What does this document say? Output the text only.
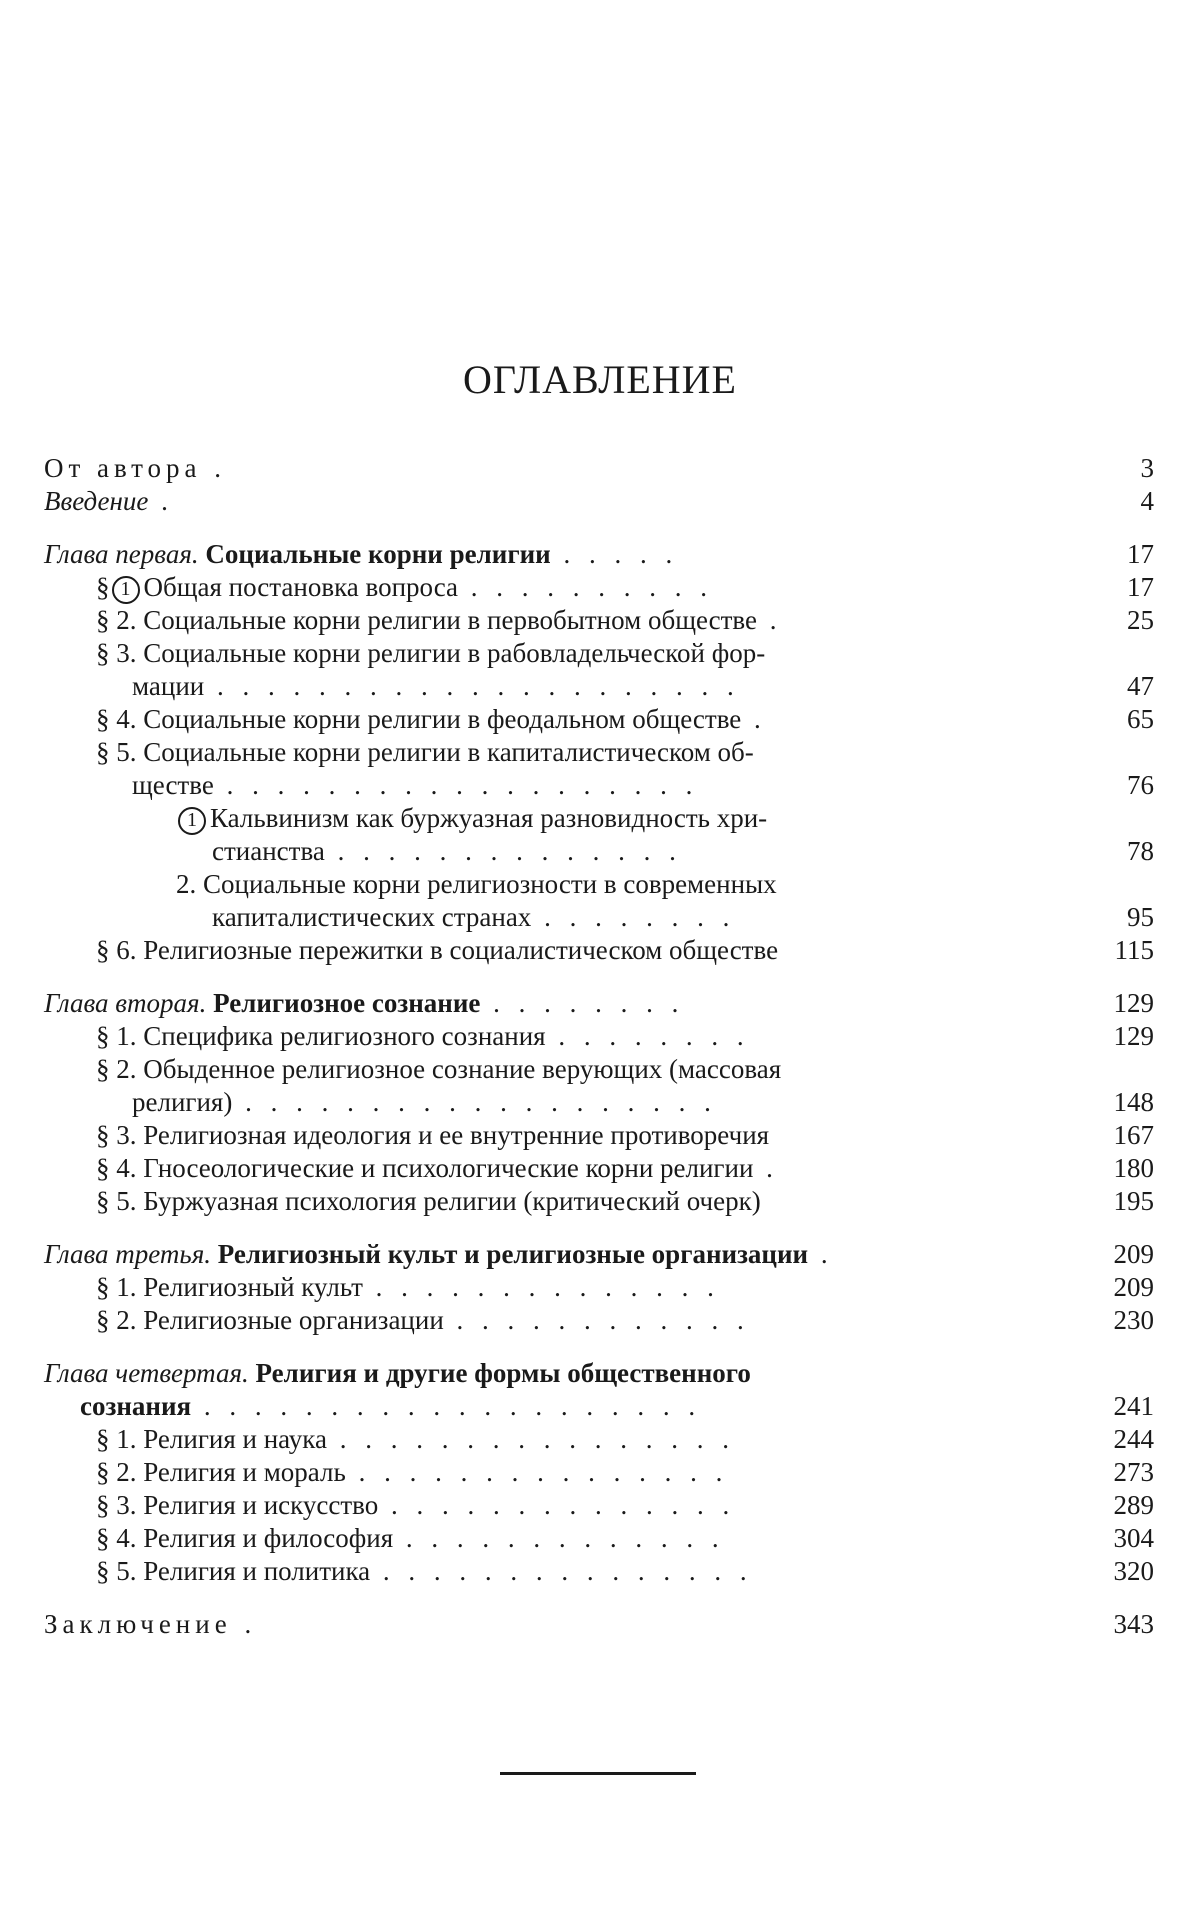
ОГЛАВЛЕНИЕ
От автора .	3
Введение .	4
Глава первая. Социальные корни религии . . . . .	17
§ 1 Общая постановка вопроса . . . . . . . . . .	17
§ 2. Социальные корни религии в первобытном обществе .	25
§ 3. Социальные корни религии в рабовладельческой фор-
мации . . . . . . . . . . . . . . . . . . . . .	47
§ 4. Социальные корни религии в феодальном обществе .	65
§ 5. Социальные корни религии в капиталистическом об-
ществе . . . . . . . . . . . . . . . . . . .	76
1 Кальвинизм как буржуазная разновидность хри-
стианства . . . . . . . . . . . . . .	78
2. Социальные корни религиозности в современных
капиталистических странах . . . . . . . .	95
§ 6. Религиозные пережитки в социалистическом обществе	115
Глава вторая. Религиозное сознание . . . . . . . .	129
§ 1. Специфика религиозного сознания . . . . . . . .	129
§ 2. Обыденное религиозное сознание верующих (массовая
религия) . . . . . . . . . . . . . . . . . . .	148
§ 3. Религиозная идеология и ее внутренние противоречия	167
§ 4. Гносеологические и психологические корни религии .	180
§ 5. Буржуазная психология религии (критический очерк)	195
Глава третья. Религиозный культ и религиозные организации .	209
§ 1. Религиозный культ . . . . . . . . . . . . . .	209
§ 2. Религиозные организации . . . . . . . . . . . .	230
Глава четвертая. Религия и другие формы общественного
сознания . . . . . . . . . . . . . . . . . . . .	241
§ 1. Религия и наука . . . . . . . . . . . . . . . .	244
§ 2. Религия и мораль . . . . . . . . . . . . . . .	273
§ 3. Религия и искусство . . . . . . . . . . . . . .	289
§ 4. Религия и философия . . . . . . . . . . . . .	304
§ 5. Религия и политика . . . . . . . . . . . . . . .	320
Заключение .	343
